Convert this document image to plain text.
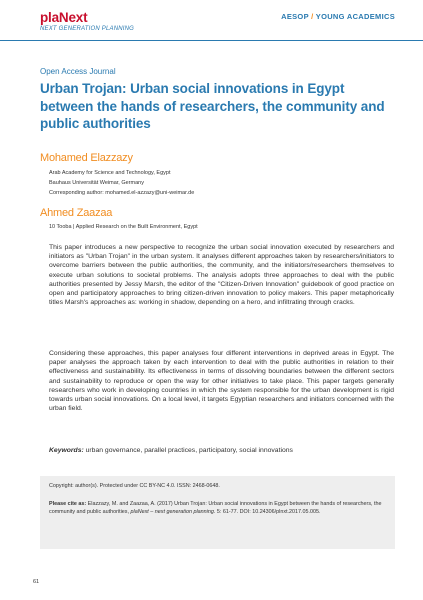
plaNext
NEXT GENERATION PLANNING
AESOP / YOUNG ACADEMICS
Open Access Journal
Urban Trojan: Urban social innovations in Egypt between the hands of researchers, the community and public authorities
Mohamed Elazzazy
Arab Academy for Science and Technology, Egypt
Bauhaus Universität Weimar, Germany
Corresponding author: mohamed.el-azzazy@uni-weimar.de
Ahmed Zaazaa
10 Tooba | Applied Research on the Built Environment, Egypt

This paper introduces a new perspective to recognize the urban social innovation executed by researchers and initiators as "Urban Trojan" in the urban system. It analyses different approaches taken by researchers/initiators to overcome barriers between the public authorities, the community, and the initiators/researchers themselves to execute urban solutions to societal problems. The analysis adopts three approaches to deal with the public authorities presented by Jessy Marsh, the editor of the "Citizen-Driven Innovation" guidebook of good practice on open and participatory approaches to bring citizen-driven innovation to policy makers. This paper metaphorically titles Marsh's approaches as: working in shadow, depending on a hero, and infiltrating through cracks.

Considering these approaches, this paper analyses four different interventions in deprived areas in Egypt. The paper analyses the approach taken by each intervention to deal with the public authorities in relation to their effectiveness and sustainability. Its effectiveness in terms of dissolving boundaries between the different sectors and sustainability to reproduce or open the way for other initiatives to take place. This paper targets generally researchers who work in developing countries in which the system responsible for the urban development is rigid towards urban social innovations. On a local level, it targets Egyptian researchers and initiators concerned with the urban field.

Keywords: urban governance, parallel practices, participatory, social innovations
Copyright: author(s). Protected under CC BY-NC 4.0. ISSN: 2468-0648.
Please cite as: Elazzazy, M. and Zaazaa, A. (2017) Urban Trojan: Urban social innovations in Egypt between the hands of researchers, the community and public authorities, plaNext – next generation planning. 5: 61-77. DOI: 10.24306/plnxt.2017.05.005.
61
